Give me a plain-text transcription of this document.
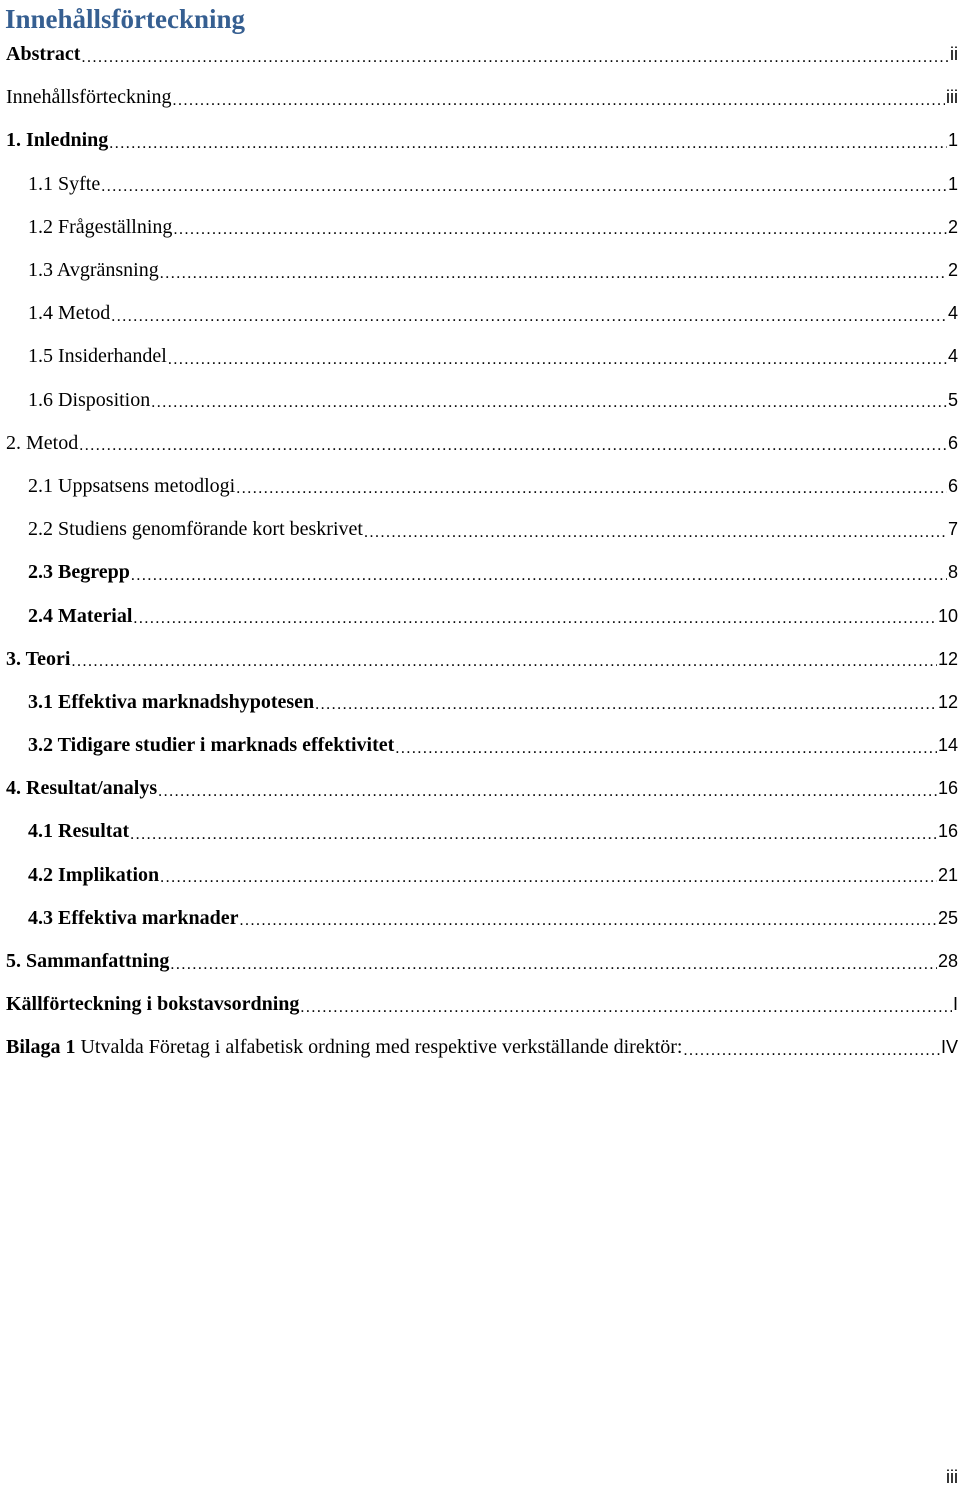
Innehållsförteckning
Abstract .....	ii
Innehållsförteckning .....	iii
1. Inledning .....	1
1.1 Syfte .....	1
1.2 Frågeställning .....	2
1.3 Avgränsning .....	2
1.4 Metod .....	4
1.5 Insiderhandel .....	4
1.6 Disposition .....	5
2. Metod .....	6
2.1 Uppsatsens metodlogi .....	6
2.2 Studiens genomförande kort beskrivet .....	7
2.3 Begrepp .....	8
2.4 Material .....	10
3. Teori .....	12
3.1 Effektiva marknadshypotesen .....	12
3.2 Tidigare studier i marknads effektivitet .....	14
4. Resultat/analys .....	16
4.1 Resultat .....	16
4.2 Implikation .....	21
4.3 Effektiva marknader .....	25
5. Sammanfattning .....	28
Källförteckning i bokstavsordning .....	I
Bilaga 1 Utvalda Företag i alfabetisk ordning med respektive verkställande direktör: .....	IV
iii
